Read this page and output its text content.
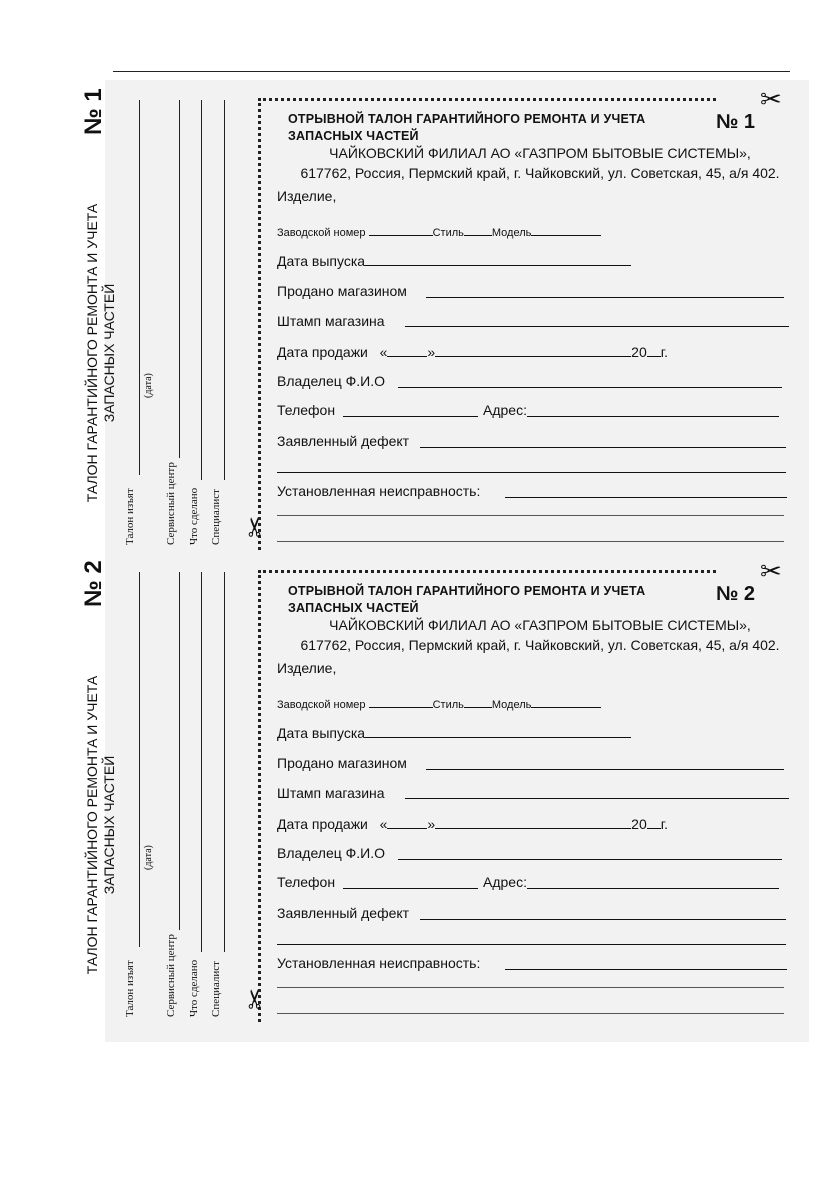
№ 1
ТАЛОН ГАРАНТИЙНОГО РЕМОНТА И УЧЕТА ЗАПАСНЫХ ЧАСТЕЙ
Талон изъят
(дата)
Сервисный центр Что сделано Специалист
✂
✂
ОТРЫВНОЙ ТАЛОН ГАРАНТИЙНОГО РЕМОНТА И УЧЕТА
ЗАПАСНЫХ ЧАСТЕЙ
№ 1
ЧАЙКОВСКИЙ ФИЛИАЛ АО «ГАЗПРОМ БЫТОВЫЕ СИСТЕМЫ»,
617762, Россия, Пермский край, г. Чайковский, ул. Советская, 45, а/я 402.
Изделие,
Заводской номер	Стиль	Модель
Дата выпуска
Продано магазином
Штамп магазина
Дата продажи «	»	20 г.
Владелец Ф.И.О
Телефон	Адрес:
Заявленный дефект
Установленная неисправность:
№ 2
ТАЛОН ГАРАНТИЙНОГО РЕМОНТА И УЧЕТА ЗАПАСНЫХ ЧАСТЕЙ
Талон изъят
(дата)
Сервисный центр Что сделано Специалист
✂
✂
ОТРЫВНОЙ ТАЛОН ГАРАНТИЙНОГО РЕМОНТА И УЧЕТА
ЗАПАСНЫХ ЧАСТЕЙ
№ 2
ЧАЙКОВСКИЙ ФИЛИАЛ АО «ГАЗПРОМ БЫТОВЫЕ СИСТЕМЫ»,
617762, Россия, Пермский край, г. Чайковский, ул. Советская, 45, а/я 402.
Изделие,
Заводской номер	Стиль	Модель
Дата выпуска
Продано магазином
Штамп магазина
Дата продажи «	»	20 г.
Владелец Ф.И.О
Телефон	Адрес:
Заявленный дефект
Установленная неисправность:
